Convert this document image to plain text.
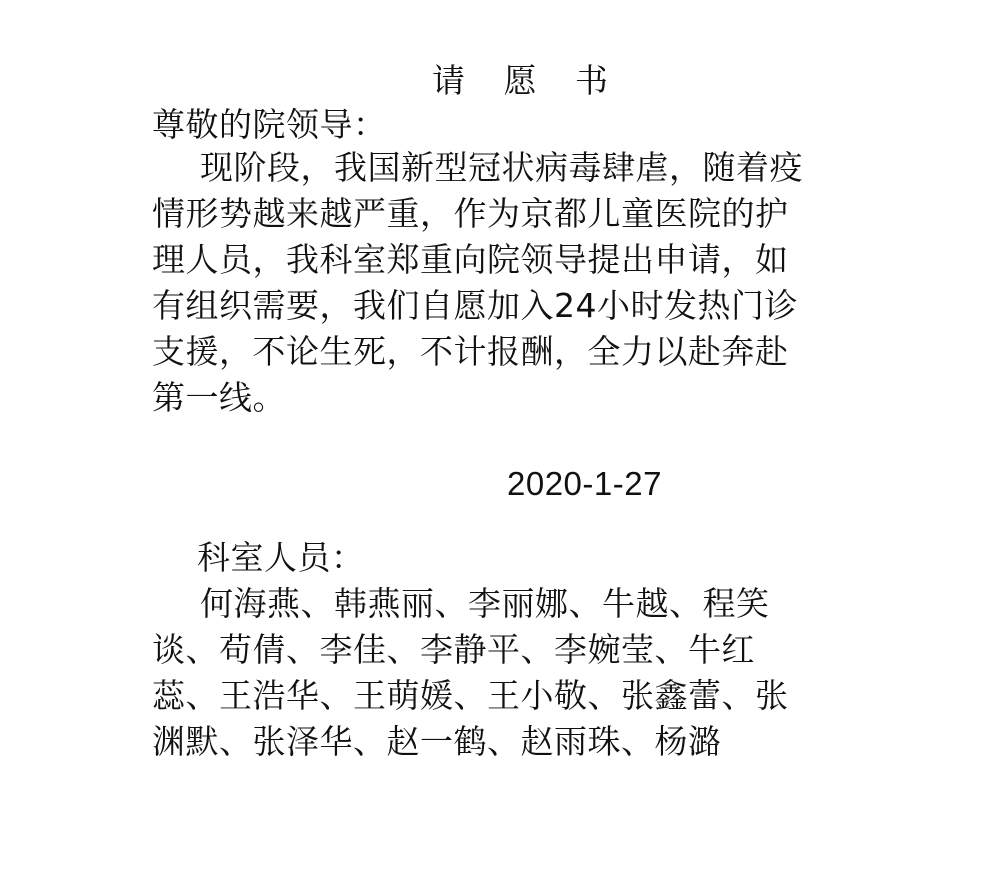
请 愿 书
尊敬的院领导：
现阶段，我国新型冠状病毒肆虐，随着疫
情形势越来越严重，作为京都儿童医院的护
理人员，我科室郑重向院领导提出申请，如
有组织需要，我们自愿加入24小时发热门诊
支援，不论生死，不计报酬，全力以赴奔赴
第一线。
2020-1-27
科室人员：
何海燕、韩燕丽、李丽娜、牛越、程笑
谈、苟倩、李佳、李静平、李婉莹、牛红
蕊、王浩华、王萌媛、王小敬、张鑫蕾、张
渊默、张泽华、赵一鹤、赵雨珠、杨潞
